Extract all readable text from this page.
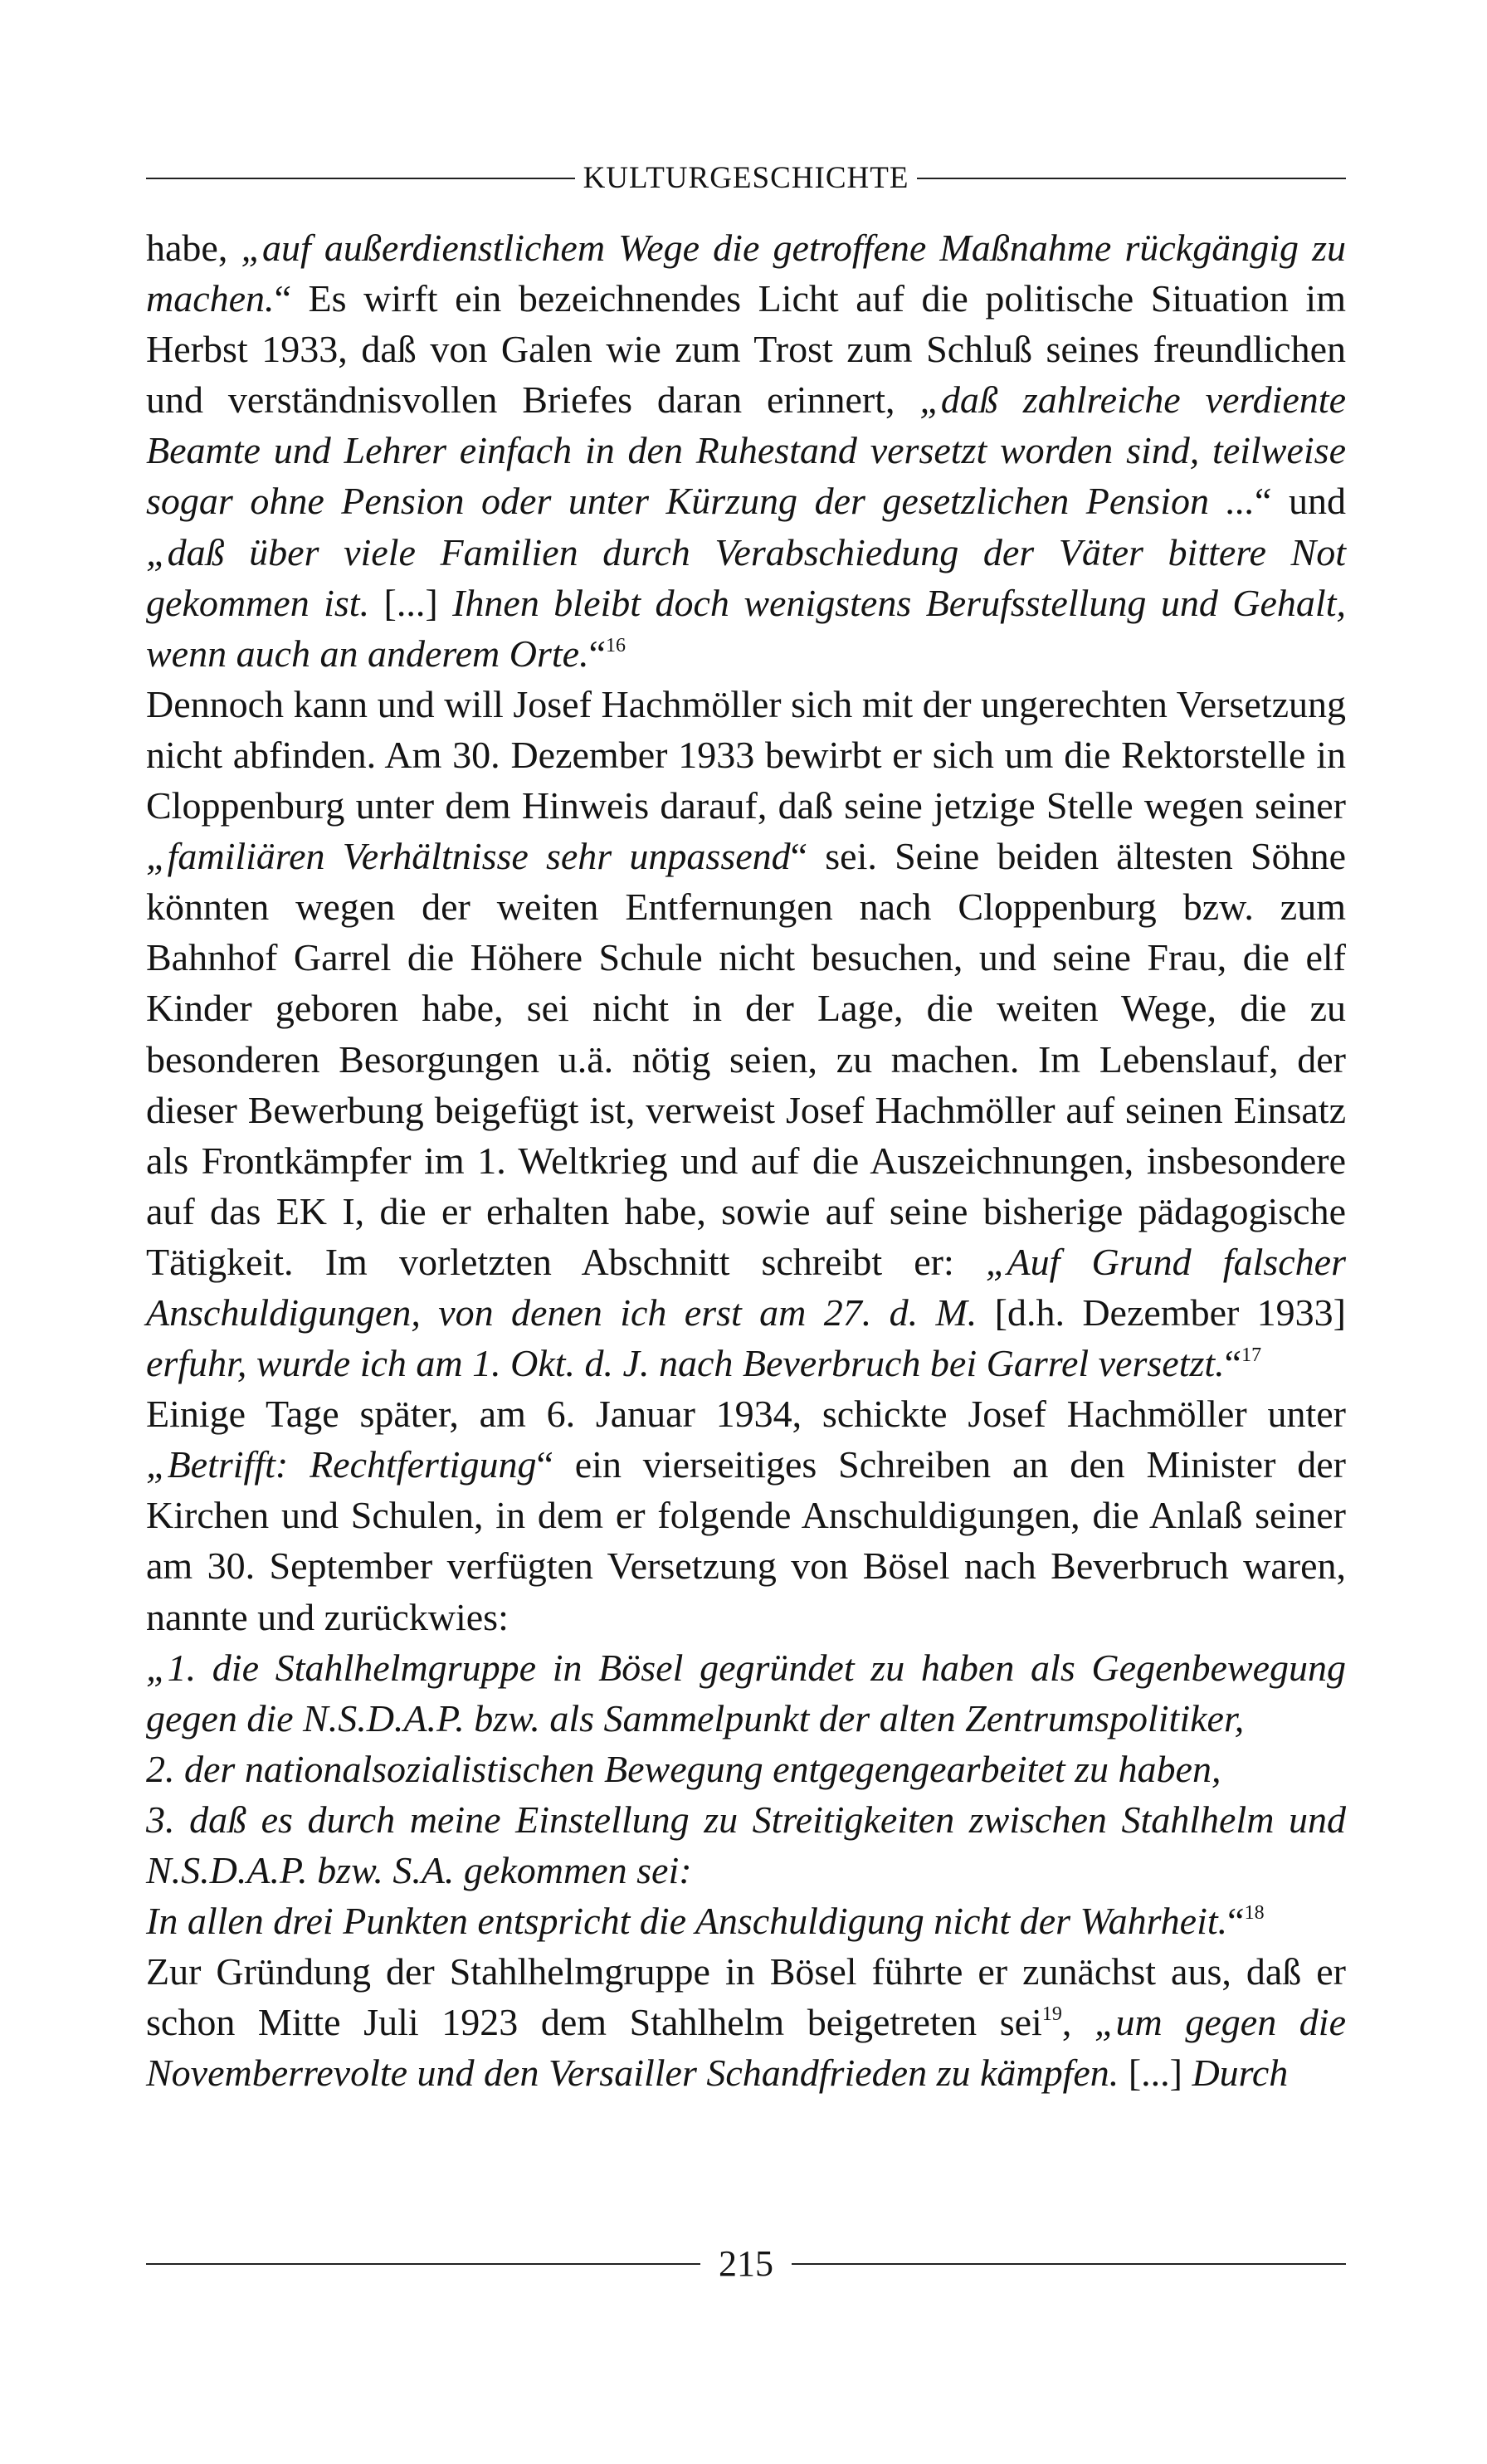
KULTURGESCHICHTE

habe, „auf außerdienstlichem Wege die getroffene Maßnahme rückgängig zu machen.“ Es wirft ein bezeichnendes Licht auf die politische Situation im Herbst 1933, daß von Galen wie zum Trost zum Schluß seines freundlichen und verständnisvollen Briefes daran erinnert, „daß zahlreiche verdiente Beamte und Lehrer einfach in den Ruhestand versetzt worden sind, teilweise sogar ohne Pension oder unter Kürzung der gesetzlichen Pension ...“ und „daß über viele Familien durch Verabschiedung der Väter bittere Not gekommen ist. [...] Ihnen bleibt doch wenigstens Berufsstellung und Gehalt, wenn auch an anderem Orte.“$^{16}$

Dennoch kann und will Josef Hachmöller sich mit der ungerechten Versetzung nicht abfinden. Am 30. Dezember 1933 bewirbt er sich um die Rektorstelle in Cloppenburg unter dem Hinweis darauf, daß seine jetzige Stelle wegen seiner „familiären Verhältnisse sehr unpassend“ sei. Seine beiden ältesten Söhne könnten wegen der weiten Entfernungen nach Cloppenburg bzw. zum Bahnhof Garrel die Höhere Schule nicht besuchen, und seine Frau, die elf Kinder geboren habe, sei nicht in der Lage, die weiten Wege, die zu besonderen Besorgungen u.ä. nötig seien, zu machen. Im Lebenslauf, der dieser Bewerbung beigefügt ist, verweist Josef Hachmöller auf seinen Einsatz als Frontkämpfer im 1. Weltkrieg und auf die Auszeichnungen, insbesondere auf das EK I, die er erhalten habe, sowie auf seine bisherige pädagogische Tätigkeit. Im vorletzten Abschnitt schreibt er: „Auf Grund falscher Anschuldigungen, von denen ich erst am 27. d. M. [d.h. Dezember 1933] erfuhr, wurde ich am 1. Okt. d. J. nach Beverbruch bei Garrel versetzt.“$^{17}$

Einige Tage später, am 6. Januar 1934, schickte Josef Hachmöller unter „Betrifft: Rechtfertigung“ ein vierseitiges Schreiben an den Minister der Kirchen und Schulen, in dem er folgende Anschuldigungen, die Anlaß seiner am 30. September verfügten Versetzung von Bösel nach Beverbruch waren, nannte und zurückwies:

„1. die Stahlhelmgruppe in Bösel gegründet zu haben als Gegenbewegung gegen die N.S.D.A.P. bzw. als Sammelpunkt der alten Zentrumspolitiker,

2. der nationalsozialistischen Bewegung entgegengearbeitet zu haben,

3. daß es durch meine Einstellung zu Streitigkeiten zwischen Stahlhelm und N.S.D.A.P. bzw. S.A. gekommen sei:

In allen drei Punkten entspricht die Anschuldigung nicht der Wahrheit.“$^{18}$

Zur Gründung der Stahlhelmgruppe in Bösel führte er zunächst aus, daß er schon Mitte Juli 1923 dem Stahlhelm beigetreten sei$^{19}$, „um gegen die Novemberrevolte und den Versailler Schandfrieden zu kämpfen. [...] Durch

215
